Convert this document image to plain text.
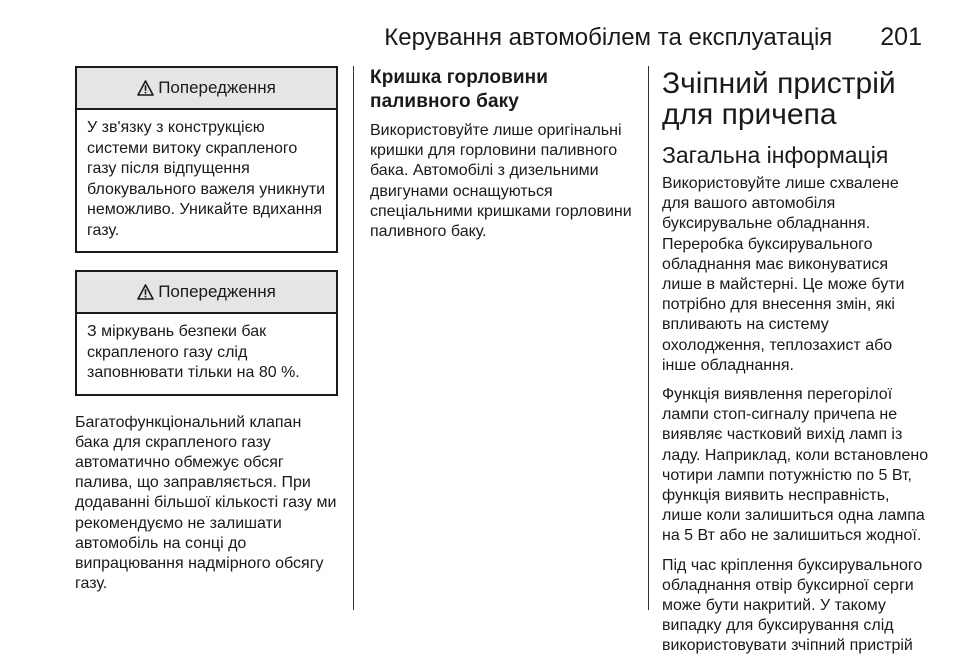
Керування автомобілем та експлуатація 201
Попередження
У зв'язку з конструкцією системи витоку скрапленого газу після відпущення блокувального важеля уникнути неможливо. Уникайте вдихання газу.
Попередження
З міркувань безпеки бак скрапленого газу слід заповнювати тільки на 80 %.

Багатофункціональний клапан бака для скрапленого газу автоматично обмежує обсяг палива, що заправляється. При додаванні більшої кількості газу ми рекомендуємо не залишати автомобіль на сонці до випрацювання надмірного обсягу газу.

Кришка горловини паливного баку

Використовуйте лише оригінальні кришки для горловини паливного бака. Автомобілі з дизельними двигунами оснащуються спеціальними кришками горловини паливного баку.

Зчіпний пристрій для причепа
Загальна інформація

Використовуйте лише схвалене для вашого автомобіля буксирувальне обладнання. Переробка буксирувального обладнання має виконуватися лише в майстерні. Це може бути потрібно для внесення змін, які впливають на систему охолодження, теплозахист або інше обладнання.

Функція виявлення перегорілої лампи стоп-сигналу причепа не виявляє частковий вихід ламп із ладу. Наприклад, коли встановлено чотири лампи потужністю по 5 Вт, функція виявить несправність, лише коли залишиться одна лампа на 5 Вт або не залишиться жодної.

Під час кріплення буксирувального обладнання отвір буксирної серги може бути накритий. У такому випадку для буксирування слід використовувати зчіпний пристрій
